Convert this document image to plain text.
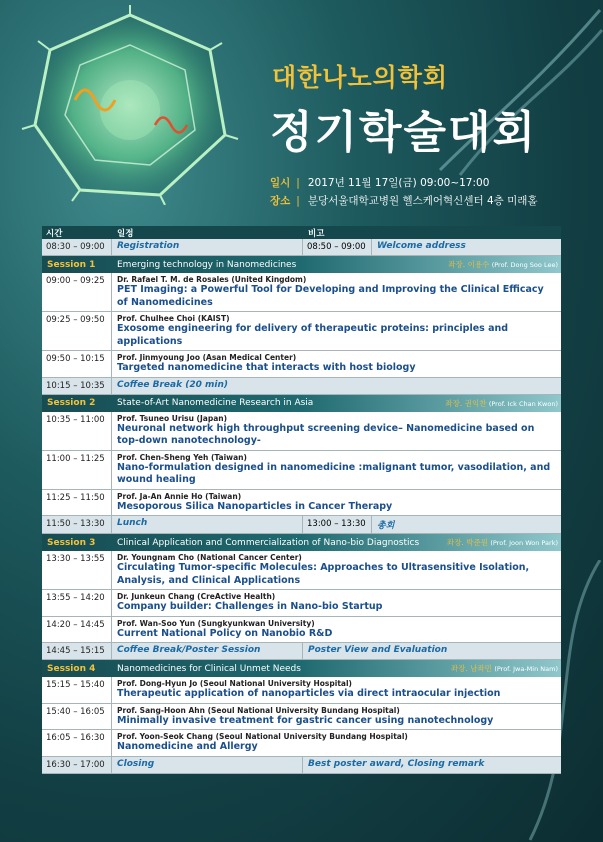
대한나노의학회
정기학술대회
일시 | 2017년 11월 17일(금) 09:00~17:00
장소 | 분당서울대학교병원 헬스케어혁신센터 4층 미래홀
시간	일정	비고
08:30 – 09:00	Registration	08:50 – 09:00	Welcome address
Session 1	Emerging technology in Nanomedicines	좌장. 이용수 (Prof. Dong Soo Lee)
09:00 – 09:25	Dr. Rafael T. M. de Rosales (United Kingdom)
PET Imaging: a Powerful Tool for Developing and Improving the Clinical Efficacy of Nanomedicines
09:25 – 09:50	Prof. Chulhee Choi (KAIST)
Exosome engineering for delivery of therapeutic proteins: principles and applications
09:50 – 10:15	Prof. Jinmyoung Joo (Asan Medical Center)
Targeted nanomedicine that interacts with host biology
10:15 – 10:35	Coffee Break (20 min)
Session 2	State-of-Art Nanomedicine Research in Asia	좌장. 권익찬 (Prof. Ick Chan Kwon)
10:35 – 11:00	Prof. Tsuneo Urisu (Japan)
Neuronal network high throughput screening device– Nanomedicine based on top-down nanotechnology-
11:00 – 11:25	Prof. Chen-Sheng Yeh (Taiwan)
Nano-formulation designed in nanomedicine :malignant tumor, vasodilation, and wound healing
11:25 – 11:50	Prof. Ja-An Annie Ho (Taiwan)
Mesoporous Silica Nanoparticles in Cancer Therapy
11:50 – 13:30	Lunch	13:00 – 13:30	총회
Session 3	Clinical Application and Commercialization of Nano-bio Diagnostics	좌장. 박준원 (Prof. Joon Won Park)
13:30 – 13:55	Dr. Youngnam Cho (National Cancer Center)
Circulating Tumor-specific Molecules: Approaches to Ultrasensitive Isolation, Analysis, and Clinical Applications
13:55 – 14:20	Dr. Junkeun Chang (CreActive Health)
Company builder: Challenges in Nano-bio Startup
14:20 – 14:45	Prof. Wan-Soo Yun (Sungkyunkwan University)
Current National Policy on Nanobio R&D
14:45 – 15:15	Coffee Break/Poster Session	Poster View and Evaluation
Session 4	Nanomedicines for Clinical Unmet Needs	좌장. 남좌민 (Prof. Jwa-Min Nam)
15:15 – 15:40	Prof. Dong-Hyun Jo (Seoul National University Hospital)
Therapeutic application of nanoparticles via direct intraocular injection
15:40 – 16:05	Prof. Sang-Hoon Ahn (Seoul National University Bundang Hospital)
Minimally invasive treatment for gastric cancer using nanotechnology
16:05 – 16:30	Prof. Yoon-Seok Chang (Seoul National University Bundang Hospital)
Nanomedicine and Allergy
16:30 – 17:00	Closing	Best poster award, Closing remark
